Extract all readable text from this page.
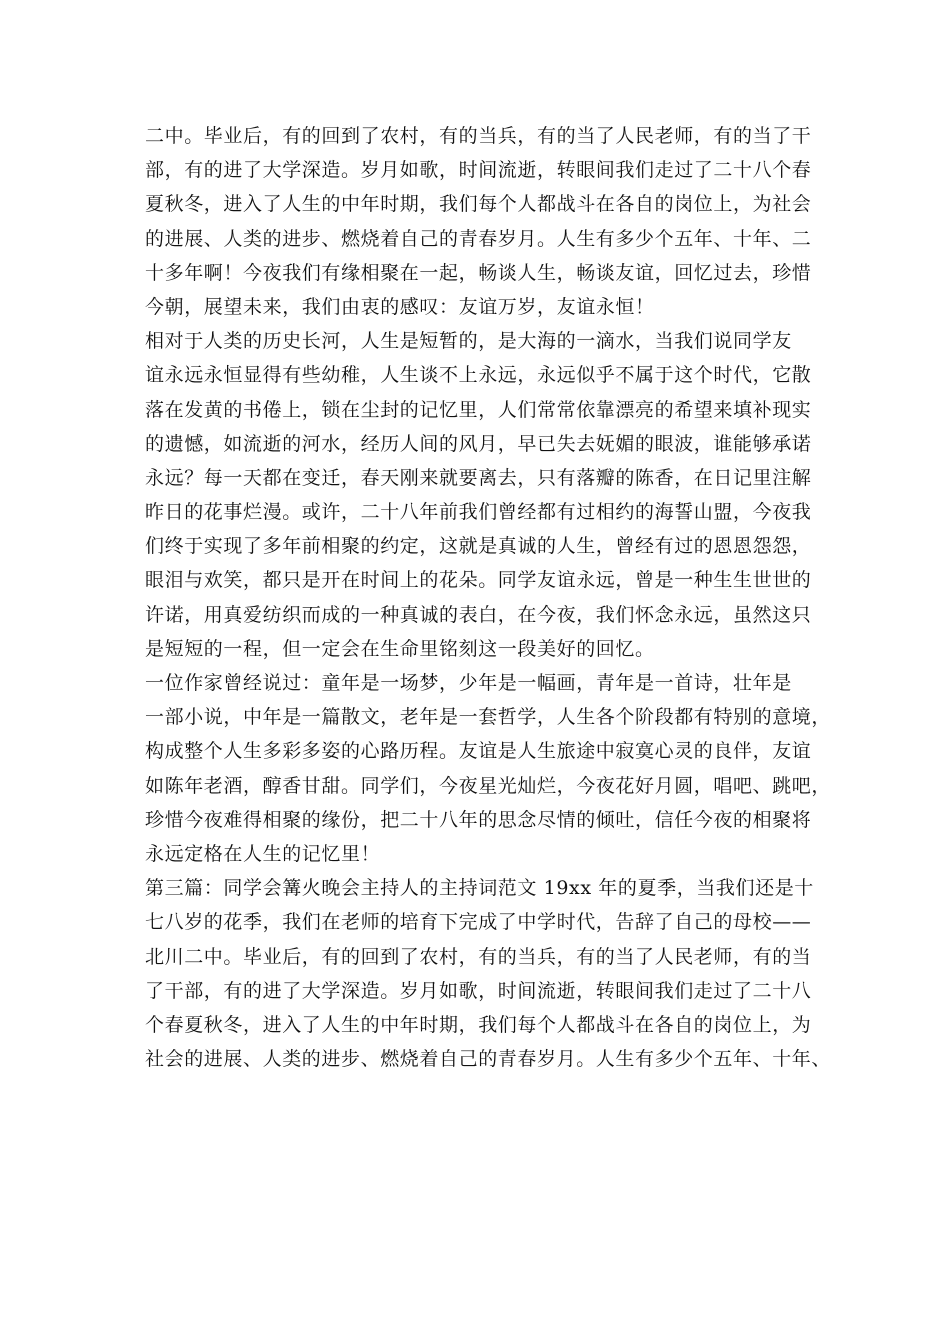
二中。毕业后，有的回到了农村，有的当兵，有的当了人民老师，有的当了干
部，有的进了大学深造。岁月如歌，时间流逝，转眼间我们走过了二十八个春
夏秋冬，进入了人生的中年时期，我们每个人都战斗在各自的岗位上，为社会
的进展、人类的进步、燃烧着自己的青春岁月。人生有多少个五年、十年、二
十多年啊！今夜我们有缘相聚在一起，畅谈人生，畅谈友谊，回忆过去，珍惜
今朝，展望未来，我们由衷的感叹：友谊万岁，友谊永恒！
相对于人类的历史长河，人生是短暂的，是大海的一滴水，当我们说同学友
谊永远永恒显得有些幼稚，人生谈不上永远，永远似乎不属于这个时代，它散
落在发黄的书倦上，锁在尘封的记忆里，人们常常依靠漂亮的希望来填补现实
的遗憾，如流逝的河水，经历人间的风月，早已失去妩媚的眼波，谁能够承诺
永远？每一天都在变迁，春天刚来就要离去，只有落瓣的陈香，在日记里注解
昨日的花事烂漫。或许，二十八年前我们曾经都有过相约的海誓山盟，今夜我
们终于实现了多年前相聚的约定，这就是真诚的人生，曾经有过的恩恩怨怨，
眼泪与欢笑，都只是开在时间上的花朵。同学友谊永远，曾是一种生生世世的
许诺，用真爱纺织而成的一种真诚的表白，在今夜，我们怀念永远，虽然这只
是短短的一程，但一定会在生命里铭刻这一段美好的回忆。
一位作家曾经说过：童年是一场梦，少年是一幅画，青年是一首诗，壮年是
一部小说，中年是一篇散文，老年是一套哲学，人生各个阶段都有特别的意境，
构成整个人生多彩多姿的心路历程。友谊是人生旅途中寂寞心灵的良伴，友谊
如陈年老酒，醇香甘甜。同学们，今夜星光灿烂，今夜花好月圆，唱吧、跳吧，
珍惜今夜难得相聚的缘份，把二十八年的思念尽情的倾吐，信任今夜的相聚将
永远定格在人生的记忆里！
第三篇：同学会篝火晚会主持人的主持词范文 19xx 年的夏季，当我们还是十
七八岁的花季，我们在老师的培育下完成了中学时代，告辞了自己的母校——
北川二中。毕业后，有的回到了农村，有的当兵，有的当了人民老师，有的当
了干部，有的进了大学深造。岁月如歌，时间流逝，转眼间我们走过了二十八
个春夏秋冬，进入了人生的中年时期，我们每个人都战斗在各自的岗位上，为
社会的进展、人类的进步、燃烧着自己的青春岁月。人生有多少个五年、十年、
